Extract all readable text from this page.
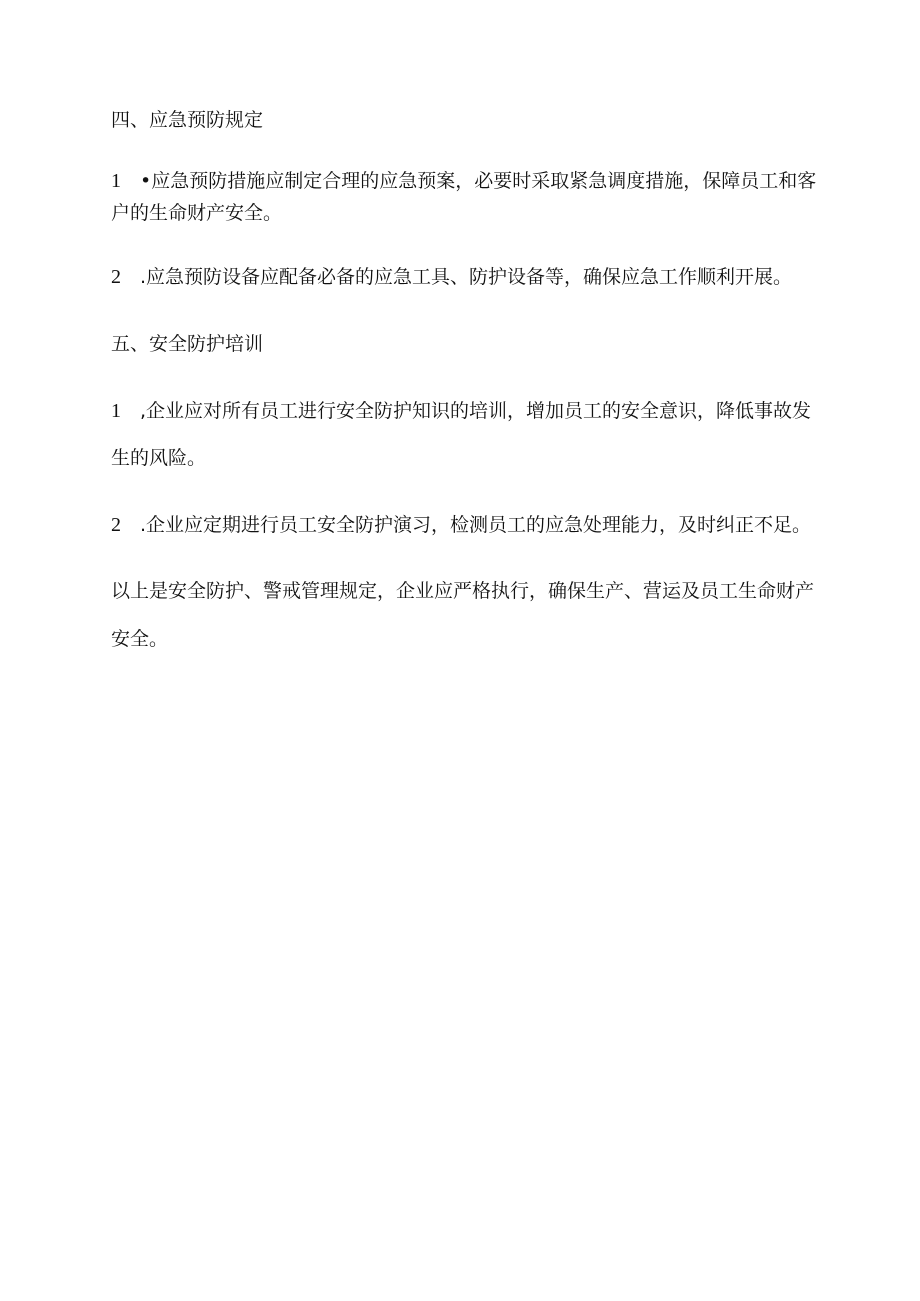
四、应急预防规定
1 •应急预防措施应制定合理的应急预案，必要时采取紧急调度措施，保障员工和客
户的生命财产安全。
2 .应急预防设备应配备必备的应急工具、防护设备等，确保应急工作顺利开展。
五、安全防护培训
1 ,企业应对所有员工进行安全防护知识的培训，增加员工的安全意识，降低事故发
生的风险。
2 .企业应定期进行员工安全防护演习，检测员工的应急处理能力，及时纠正不足。
以上是安全防护、警戒管理规定，企业应严格执行，确保生产、营运及员工生命财产
安全。
